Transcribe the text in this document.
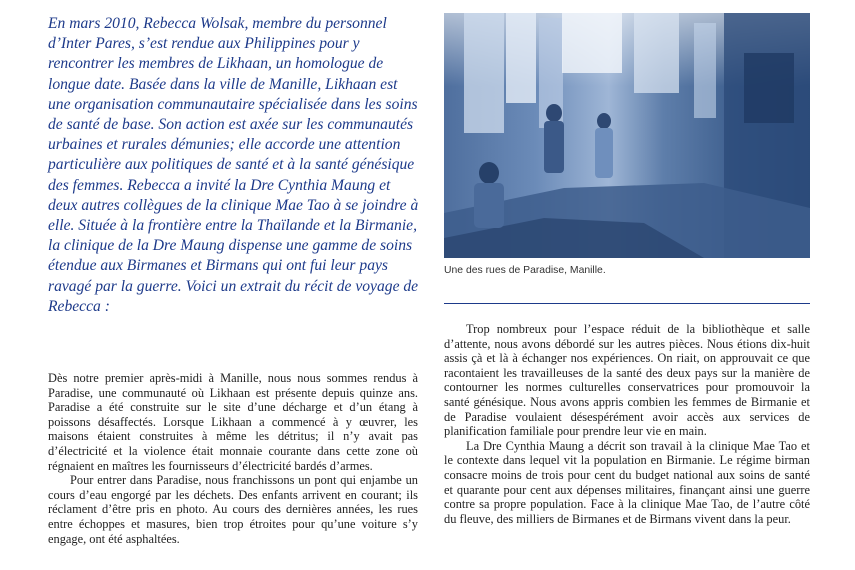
En mars 2010, Rebecca Wolsak, membre du personnel d’Inter Pares, s’est rendue aux Philippines pour y rencontrer les membres de Likhaan, un homologue de longue date. Basée dans la ville de Manille, Likhaan est une organisation communautaire spécialisée dans les soins de santé de base. Son action est axée sur les communautés urbaines et rurales démunies; elle accorde une attention particulière aux politiques de santé et à la santé génésique des femmes. Rebecca a invité la Dre Cynthia Maung et deux autres collègues de la clinique Mae Tao à se joindre à elle. Située à la frontière entre la Thaïlande et la Birmanie, la clinique de la Dre Maung dispense une gamme de soins étendue aux Birmanes et Birmans qui ont fui leur pays ravagé par la guerre. Voici un extrait du récit de voyage de Rebecca :

Dès notre premier après-midi à Manille, nous nous sommes rendus à Paradise, une communauté où Likhaan est présente depuis quinze ans. Paradise a été construite sur le site d’une décharge et d’un étang à poissons désaffectés. Lorsque Likhaan a commencé à y œuvrer, les maisons étaient construites à même les détritus; il n’y avait pas d’électricité et la violence était monnaie courante dans cette zone où régnaient en maîtres les fournisseurs d’électricité bardés d’armes.

Pour entrer dans Paradise, nous franchissons un pont qui enjambe un cours d’eau engorgé par les déchets. Des enfants arrivent en courant; ils réclament d’être pris en photo. Au cours des dernières années, les rues entre échoppes et masures, bien trop étroites pour qu’une voiture s’y engage, ont été asphaltées.

Une des rues de Paradise, Manille.

Trop nombreux pour l’espace réduit de la bibliothèque et salle d’attente, nous avons débordé sur les autres pièces. Nous étions dix-huit assis çà et là à échanger nos expériences. On riait, on approuvait ce que racontaient les travailleuses de la santé des deux pays sur la manière de contourner les normes culturelles conservatrices pour promouvoir la santé génésique. Nous avons appris combien les femmes de Birmanie et de Paradise voulaient désespérément avoir accès aux services de planification familiale pour prendre leur vie en main.

La Dre Cynthia Maung a décrit son travail à la clinique Mae Tao et le contexte dans lequel vit la population en Birmanie. Le régime birman consacre moins de trois pour cent du budget national aux soins de santé et quarante pour cent aux dépenses militaires, finançant ainsi une guerre contre sa propre population. Face à la clinique Mae Tao, de l’autre côté du fleuve, des milliers de Birmanes et de Birmans vivent dans la peur.
